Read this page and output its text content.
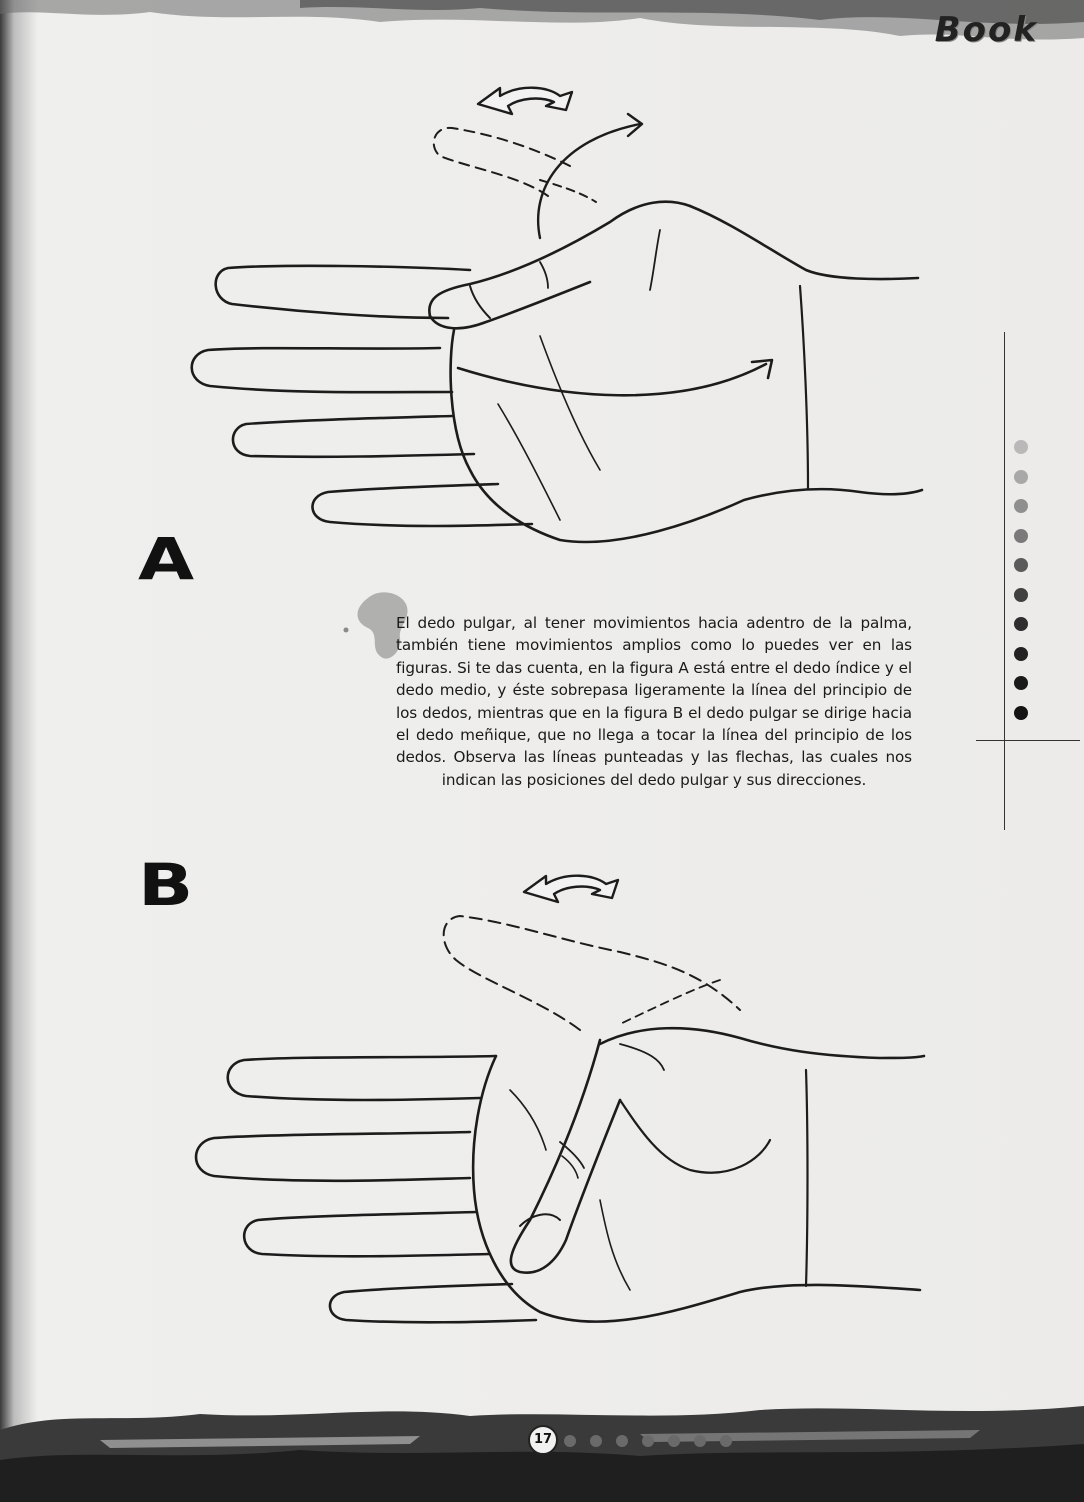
Book
A
B
El dedo pulgar, al tener movimientos hacia adentro de la palma, también tiene movimientos amplios como lo puedes ver en las figuras. Si te das cuenta, en la figura A está entre el dedo índice y el dedo medio, y éste sobrepasa ligeramente la línea del principio de los dedos, mientras que en la figura B el dedo pulgar se dirige hacia el dedo meñique, que no llega a tocar la línea del principio de los dedos. Observa las líneas punteadas y las flechas, las cuales nos indican las posiciones del dedo pulgar y sus direcciones.
17
